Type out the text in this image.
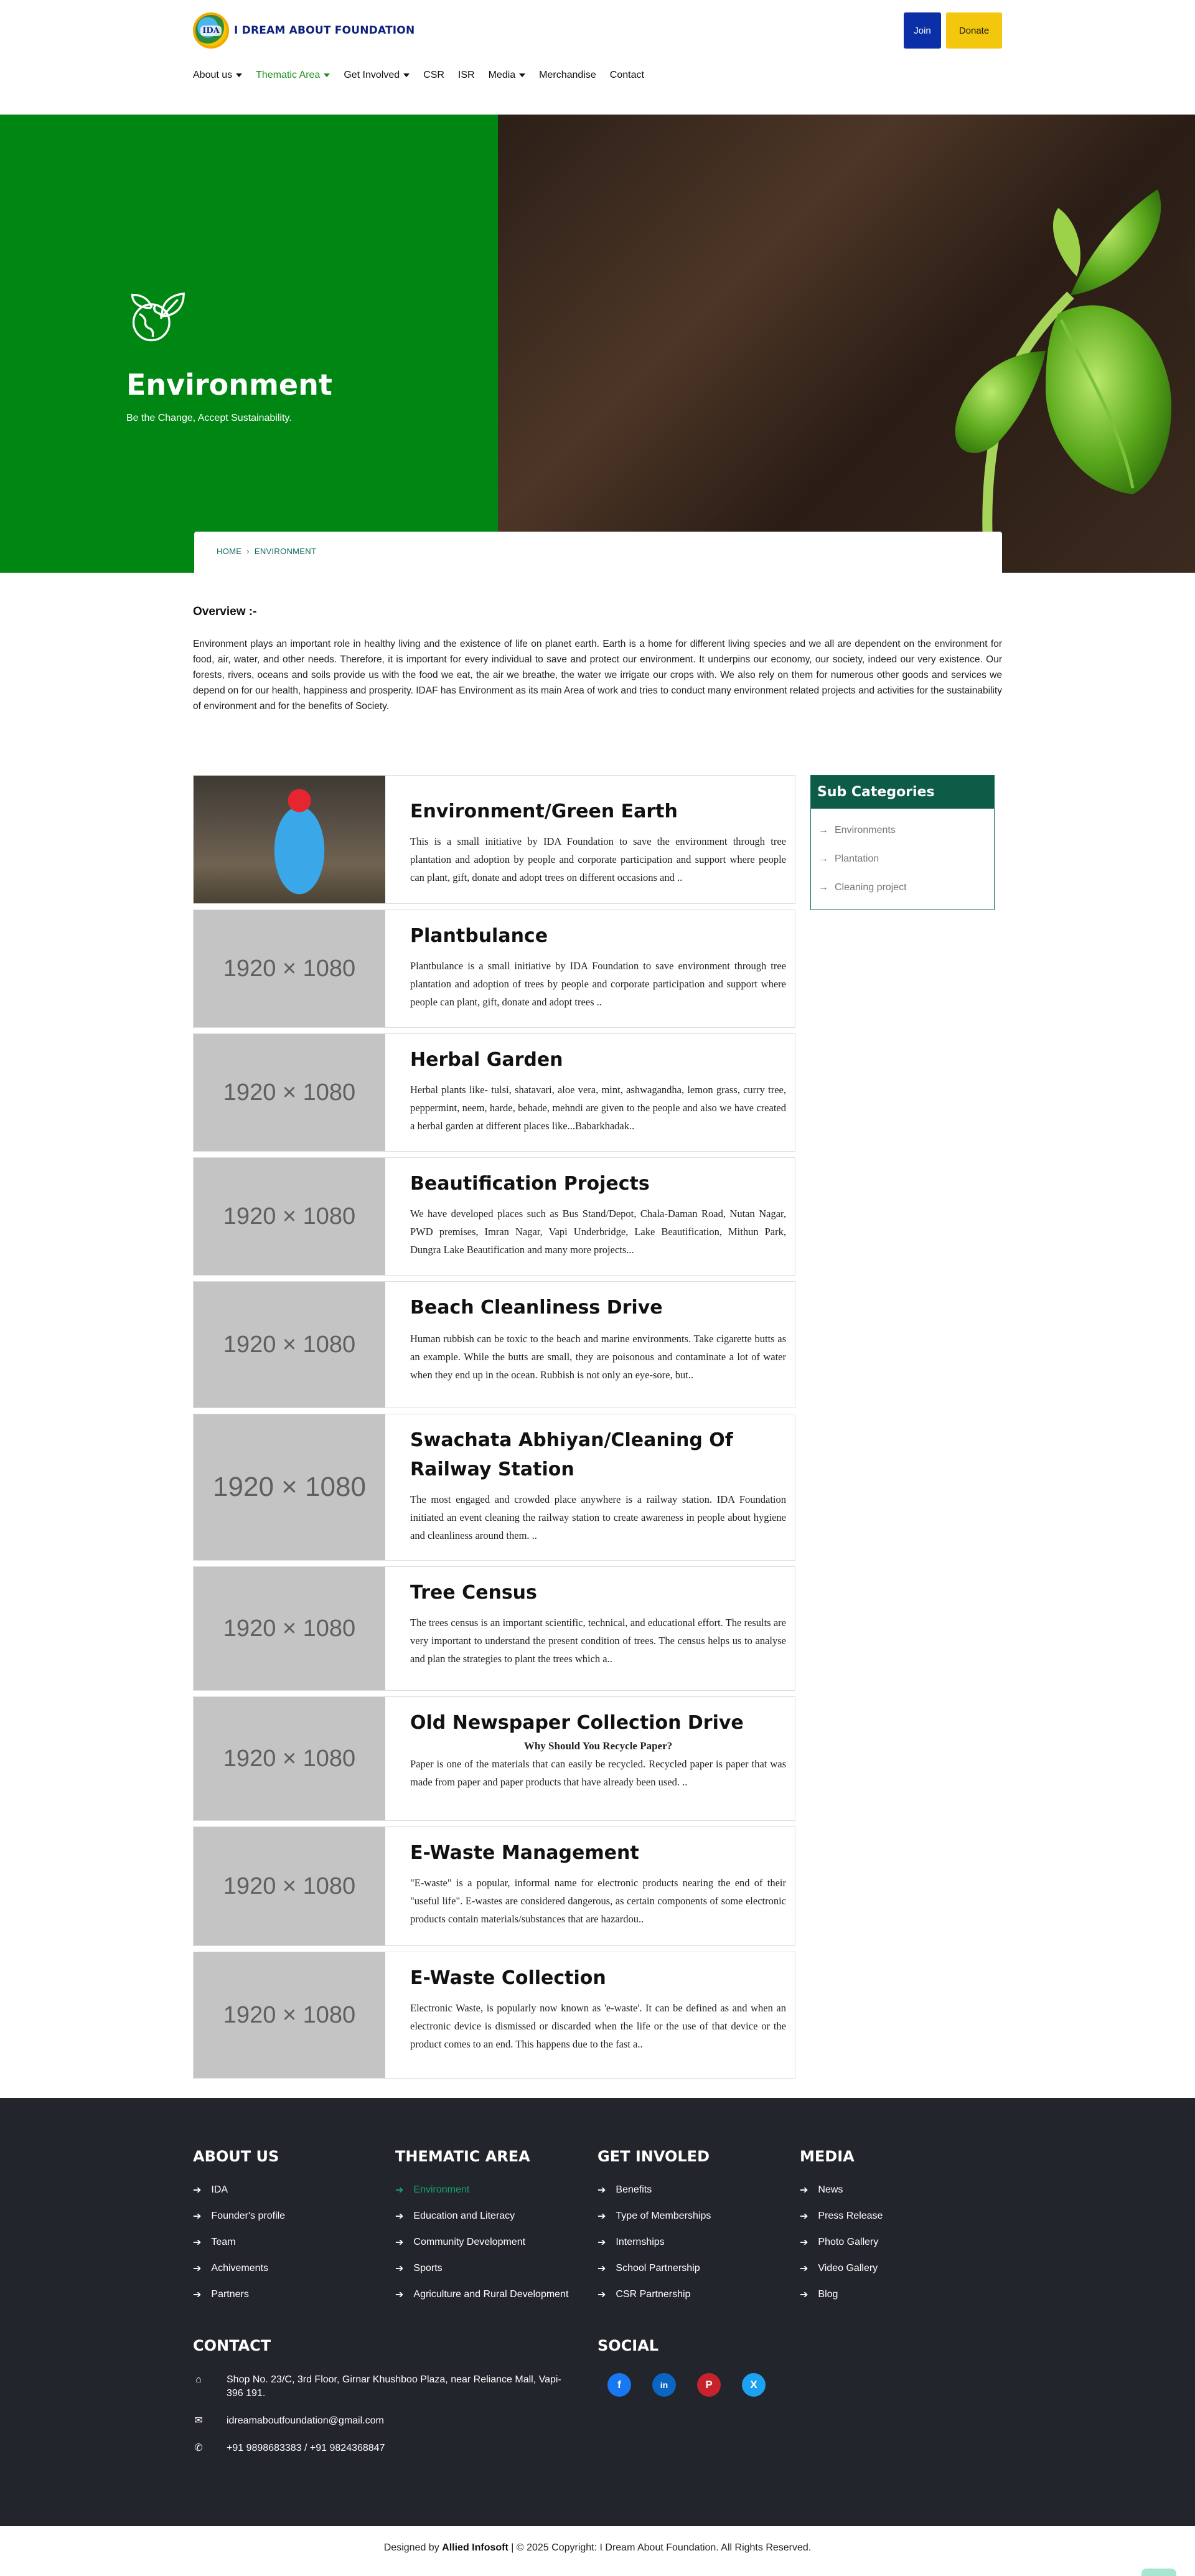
IDA I DREAM ABOUT FOUNDATION	Join	Donate
About us Thematic Area Get Involved CSR ISR Media Merchandise Contact
Environment
Be the Change, Accept Sustainability.
HOME › ENVIRONMENT
Overview :-

Environment plays an important role in healthy living and the existence of life on planet earth. Earth is a home for different living species and we all are dependent on the environment for food, air, water, and other needs. Therefore, it is important for every individual to save and protect our environment. It underpins our economy, our society, indeed our very existence. Our forests, rivers, oceans and soils provide us with the food we eat, the air we breathe, the water we irrigate our crops with. We also rely on them for numerous other goods and services we depend on for our health, happiness and prosperity. IDAF has Environment as its main Area of work and tries to conduct many environment related projects and activities for the sustainability of environment and for the benefits of Society.

Environment/Green Earth
This is a small initiative by IDA Foundation to save the environment through tree plantation and adoption by people and corporate participation and support where people can plant, gift, donate and adopt trees on different occasions and ..
1920 × 1080
Plantbulance
Plantbulance is a small initiative by IDA Foundation to save environment through tree plantation and adoption of trees by people and corporate participation and support where people can plant, gift, donate and adopt trees ..
1920 × 1080
Herbal Garden
Herbal plants like- tulsi, shatavari, aloe vera, mint, ashwagandha, lemon grass, curry tree, peppermint, neem, harde, behade, mehndi are given to the people and also we have created a herbal garden at different places like...Babarkhadak..
1920 × 1080
Beautification Projects
We have developed places such as Bus Stand/Depot, Chala-Daman Road, Nutan Nagar, PWD premises, Imran Nagar, Vapi Underbridge, Lake Beautification, Mithun Park, Dungra Lake Beautification and many more projects...
1920 × 1080
Beach Cleanliness Drive
Human rubbish can be toxic to the beach and marine environments. Take cigarette butts as an example. While the butts are small, they are poisonous and contaminate a lot of water when they end up in the ocean. Rubbish is not only an eye-sore, but..
1920 × 1080
Swachata Abhiyan/Cleaning Of Railway Station
The most engaged and crowded place anywhere is a railway station. IDA Foundation initiated an event cleaning the railway station to create awareness in people about hygiene and cleanliness around them. ..
1920 × 1080
Tree Census
The trees census is an important scientific, technical, and educational effort. The results are very important to understand the present condition of trees. The census helps us to analyse and plan the strategies to plant the trees which a..
1920 × 1080
Old Newspaper Collection Drive
Why Should You Recycle Paper?
Paper is one of the materials that can easily be recycled. Recycled paper is paper that was made from paper and paper products that have already been used. ..
1920 × 1080
E-Waste Management
"E-waste" is a popular, informal name for electronic products nearing the end of their "useful life". E-wastes are considered dangerous, as certain components of some electronic products contain materials/substances that are hazardou..
1920 × 1080
E-Waste Collection
Electronic Waste, is popularly now known as 'e-waste'. It can be defined as and when an electronic device is dismissed or discarded when the life or the use of that device or the product comes to an end. This happens due to the fast a..
Sub Categories
→ Environments
→ Plantation
→ Cleaning project
ABOUT US
➔ IDA
➔ Founder's profile
➔ Team
➔ Achivements
➔ Partners
THEMATIC AREA
➔ Environment
➔ Education and Literacy
➔ Community Development
➔ Sports
➔ Agriculture and Rural Development
GET INVOLED
➔ Benefits
➔ Type of Memberships
➔ Internships
➔ School Partnership
➔ CSR Partnership
MEDIA
➔ News
➔ Press Release
➔ Photo Gallery
➔ Video Gallery
➔ Blog
CONTACT
⌂	Shop No. 23/C, 3rd Floor, Girnar Khushboo Plaza, near Reliance Mall, Vapi-396 191.
✉ idreamaboutfoundation@gmail.com
✆ +91 9898683383 / +91 9824368847
SOCIAL
f	in	P	X
Designed by Allied Infosoft | © 2025 Copyright: I Dream About Foundation. All Rights Reserved.
